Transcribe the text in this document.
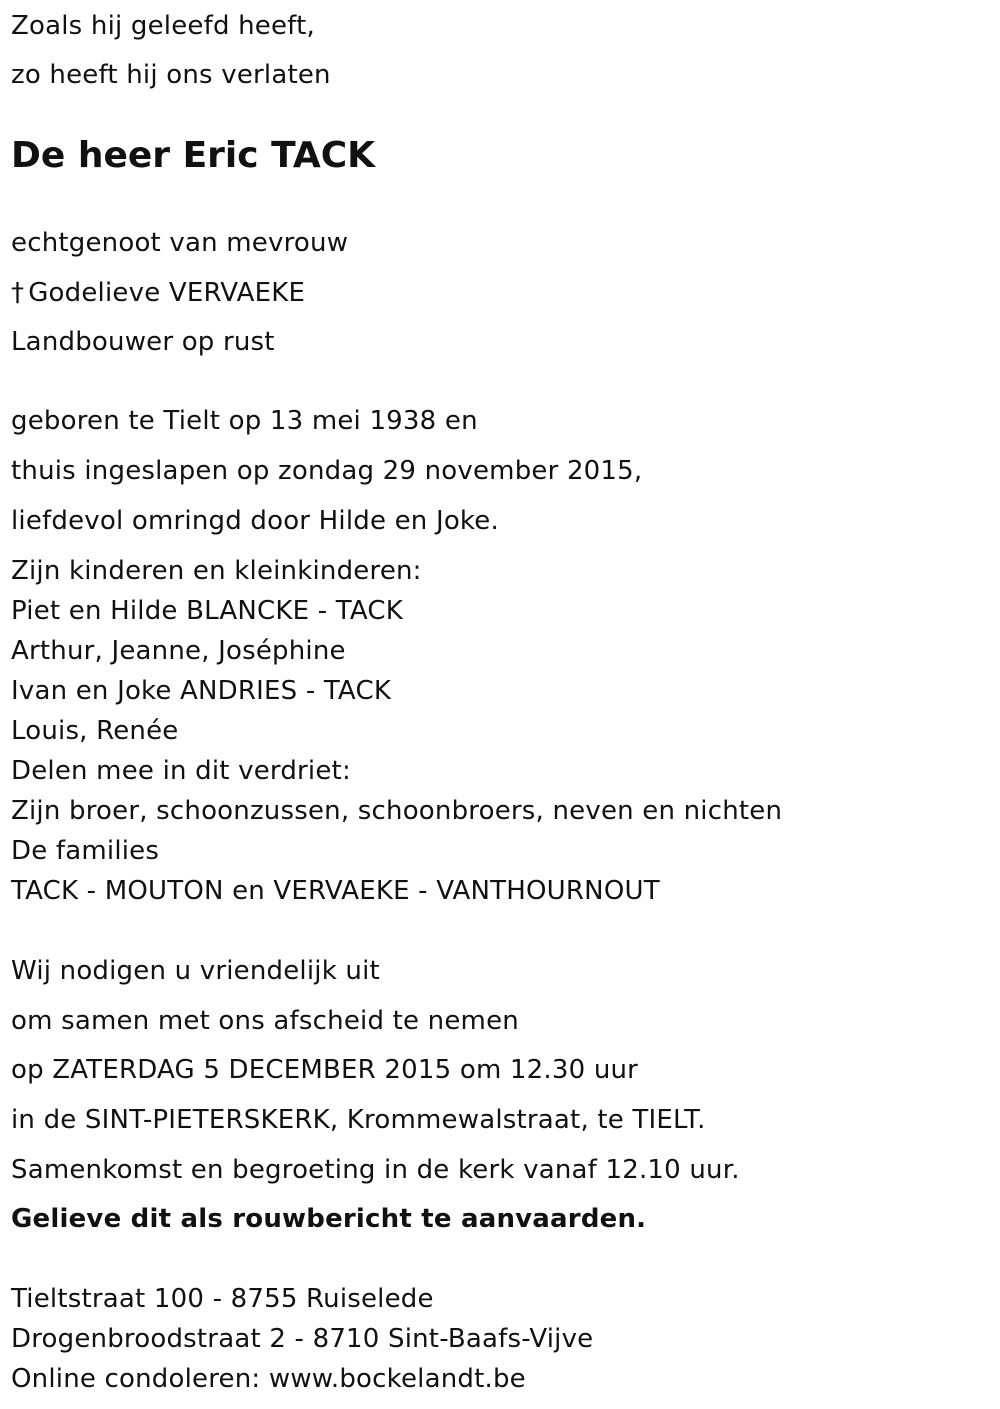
Zoals hij geleefd heeft,
zo heeft hij ons verlaten
De heer Eric TACK
echtgenoot van mevrouw
† Godelieve VERVAEKE
Landbouwer op rust
geboren te Tielt op 13 mei 1938 en
thuis ingeslapen op zondag 29 november 2015,
liefdevol omringd door Hilde en Joke.
Zijn kinderen en kleinkinderen:
Piet en Hilde BLANCKE - TACK
Arthur, Jeanne, Joséphine
Ivan en Joke ANDRIES - TACK
Louis, Renée
Delen mee in dit verdriet:
Zijn broer, schoonzussen, schoonbroers, neven en nichten
De families
TACK - MOUTON en VERVAEKE - VANTHOURNOUT
Wij nodigen u vriendelijk uit
om samen met ons afscheid te nemen
op ZATERDAG 5 DECEMBER 2015 om 12.30 uur
in de SINT-PIETERSKERK, Krommewalstraat, te TIELT.
Samenkomst en begroeting in de kerk vanaf 12.10 uur.
Gelieve dit als rouwbericht te aanvaarden.
Tieltstraat 100 - 8755 Ruiselede
Drogenbroodstraat 2 - 8710 Sint-Baafs-Vijve
Online condoleren: www.bockelandt.be
